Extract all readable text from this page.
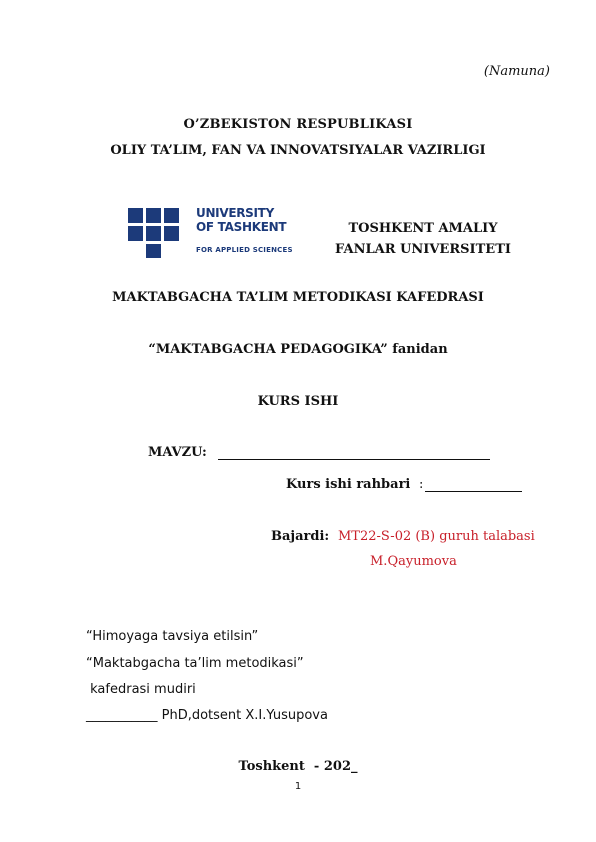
(Namuna)
O’ZBEKISTON RESPUBLIKASI
OLIY TA’LIM, FAN VA INNOVATSIYALAR VAZIRLIGI
UNIVERSITY
OF TASHKENT
FOR APPLIED SCIENCES
TOSHKENT AMALIY
FANLAR UNIVERSITETI
MAKTABGACHA TA’LIM METODIKASI KAFEDRASI
“MAKTABGACHA PEDAGOGIKA” fanidan
KURS ISHI
MAVZU:
Kurs ishi rahbari :
Bajardi: MT22-S-02 (B) guruh talabasi
M.Qayumova
“Himoyaga tavsiya etilsin”
“Maktabgacha ta’lim metodikasi”
kafedrasi mudiri
___________ PhD,dotsent X.I.Yusupova
Toshkent  - 202_
1
